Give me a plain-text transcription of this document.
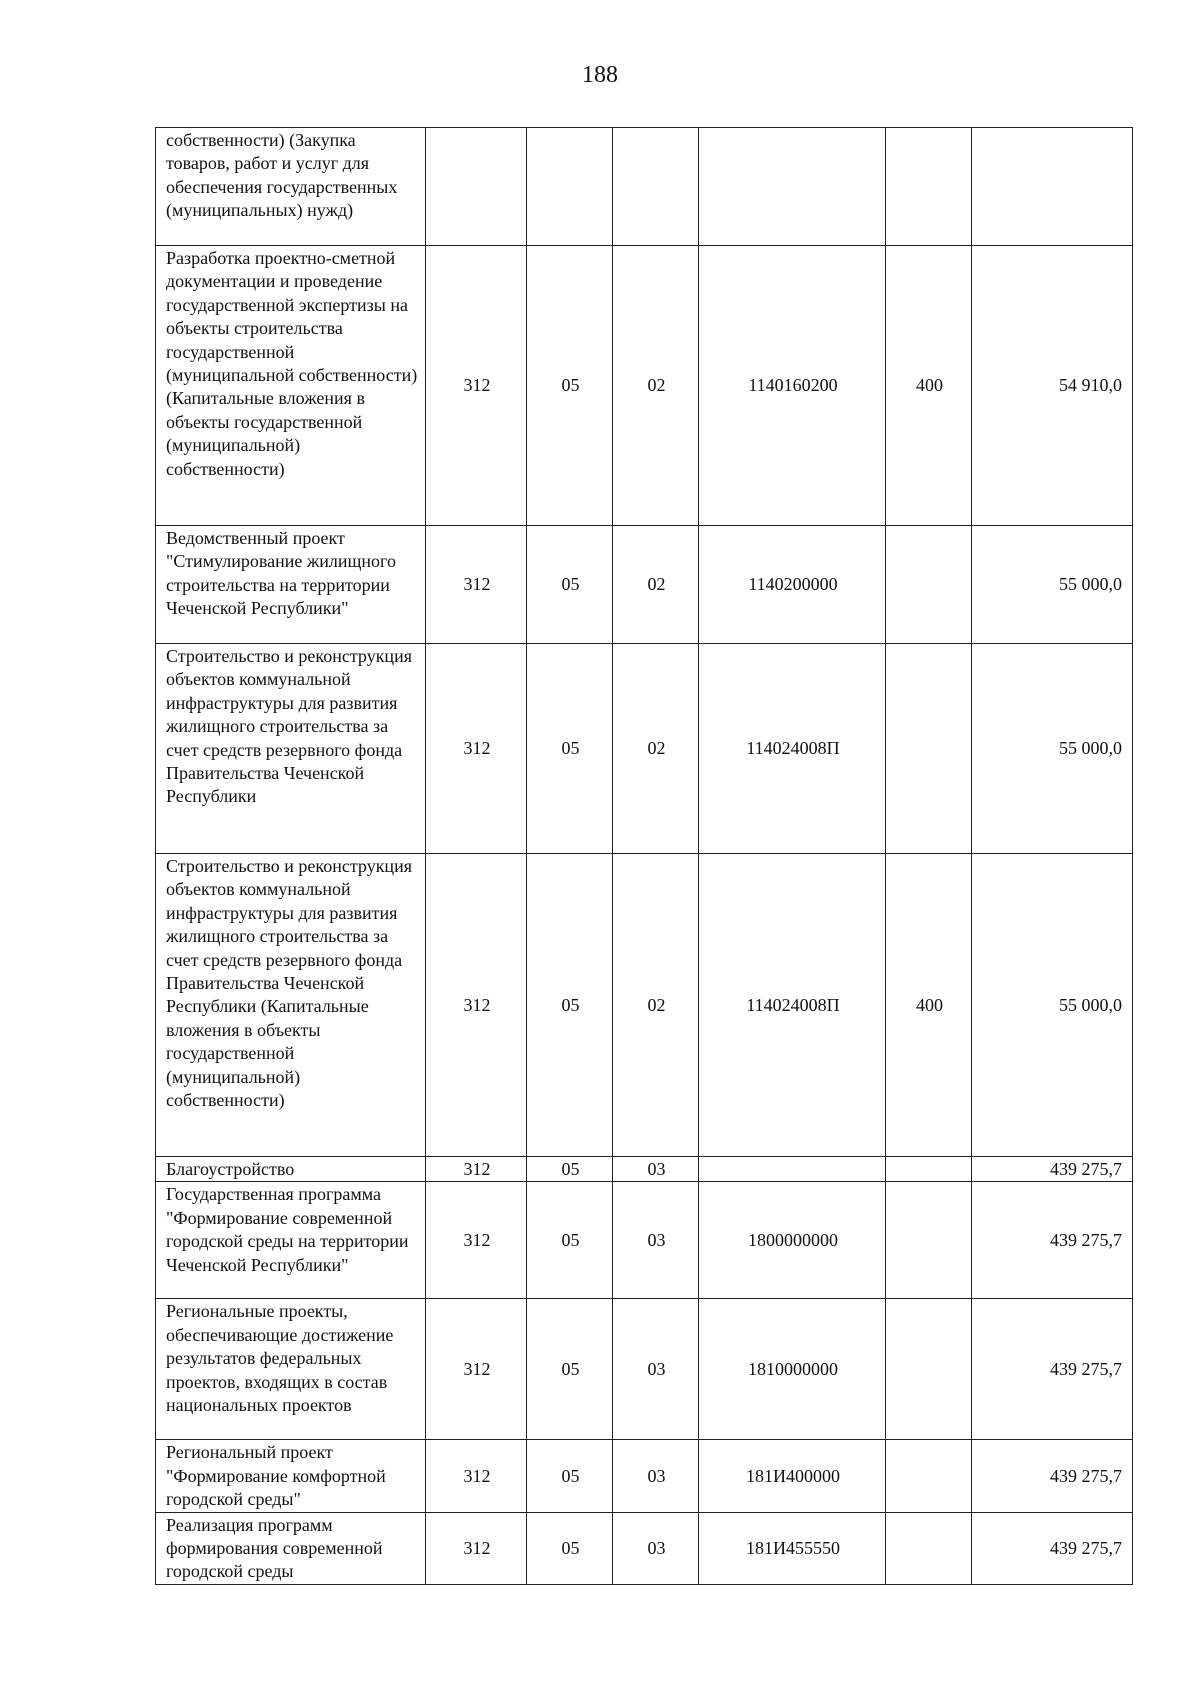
188
собственности) (Закупка товаров, работ и услуг для обеспечения государственных (муниципальных) нужд)						
Разработка проектно-сметной документации и проведение государственной экспертизы на объекты строительства государственной (муниципальной собственности) (Капитальные вложения в объекты государственной (муниципальной) собственности)	312	05	02	1140160200	400	54 910,0
Ведомственный проект "Стимулирование жилищного строительства на территории Чеченской Республики"	312	05	02	1140200000		55 000,0
Строительство и реконструкция объектов коммунальной инфраструктуры для развития жилищного строительства за счет средств резервного фонда Правительства Чеченской Республики	312	05	02	114024008П		55 000,0
Строительство и реконструкция объектов коммунальной инфраструктуры для развития жилищного строительства за счет средств резервного фонда Правительства Чеченской Республики (Капитальные вложения в объекты государственной (муниципальной) собственности)	312	05	02	114024008П	400	55 000,0
Благоустройство	312	05	03			439 275,7
Государственная программа "Формирование современной городской среды на территории Чеченской Республики"	312	05	03	1800000000		439 275,7
Региональные проекты, обеспечивающие достижение результатов федеральных проектов, входящих в состав национальных проектов	312	05	03	1810000000		439 275,7
Региональный проект "Формирование комфортной городской среды"	312	05	03	181И400000		439 275,7
Реализация программ формирования современной городской среды	312	05	03	181И455550		439 275,7
